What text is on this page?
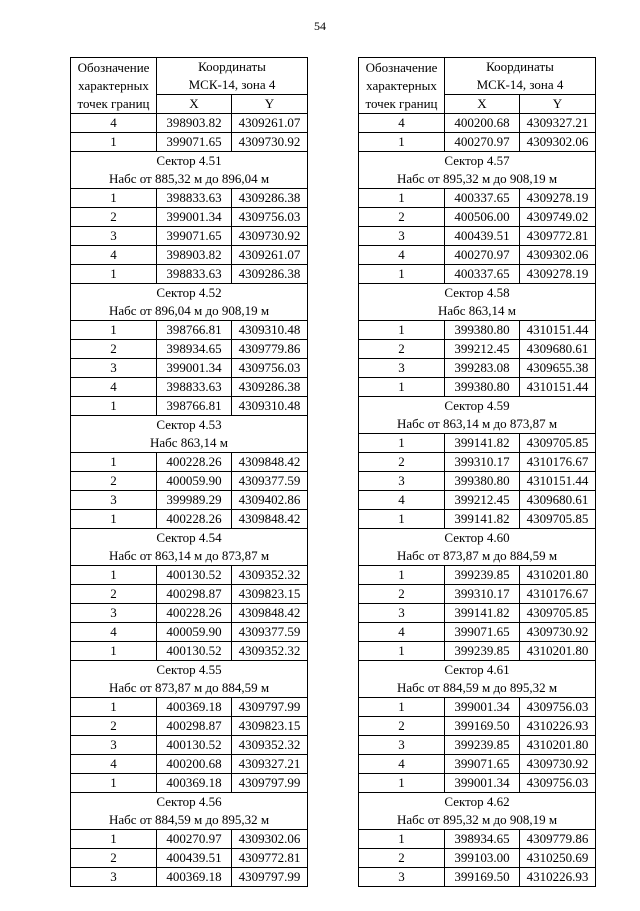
54
Обозначение
характерных
точек границ	Координаты	
	МСК-14, зона 4	
	X	Y
4	398903.82	4309261.07
1	399071.65	4309730.92
Сектор 4.51		
Набс от 885,32 м до 896,04 м		
1	398833.63	4309286.38
2	399001.34	4309756.03
3	399071.65	4309730.92
4	398903.82	4309261.07
1	398833.63	4309286.38
Сектор 4.52		
Набс от 896,04 м до 908,19 м		
1	398766.81	4309310.48
2	398934.65	4309779.86
3	399001.34	4309756.03
4	398833.63	4309286.38
1	398766.81	4309310.48
Сектор 4.53		
Набс 863,14 м		
1	400228.26	4309848.42
2	400059.90	4309377.59
3	399989.29	4309402.86
1	400228.26	4309848.42
Сектор 4.54		
Набс от 863,14 м до 873,87 м		
1	400130.52	4309352.32
2	400298.87	4309823.15
3	400228.26	4309848.42
4	400059.90	4309377.59
1	400130.52	4309352.32
Сектор 4.55		
Набс от 873,87 м до 884,59 м		
1	400369.18	4309797.99
2	400298.87	4309823.15
3	400130.52	4309352.32
4	400200.68	4309327.21
1	400369.18	4309797.99
Сектор 4.56		
Набс от 884,59 м до 895,32 м		
1	400270.97	4309302.06
2	400439.51	4309772.81
3	400369.18	4309797.99
Обозначение
характерных
точек границ	Координаты	
	МСК-14, зона 4	
	X	Y
4	400200.68	4309327.21
1	400270.97	4309302.06
Сектор 4.57		
Набс от 895,32 м до 908,19 м		
1	400337.65	4309278.19
2	400506.00	4309749.02
3	400439.51	4309772.81
4	400270.97	4309302.06
1	400337.65	4309278.19
Сектор 4.58		
Набс 863,14 м		
1	399380.80	4310151.44
2	399212.45	4309680.61
3	399283.08	4309655.38
1	399380.80	4310151.44
Сектор 4.59		
Набс от 863,14 м до 873,87 м		
1	399141.82	4309705.85
2	399310.17	4310176.67
3	399380.80	4310151.44
4	399212.45	4309680.61
1	399141.82	4309705.85
Сектор 4.60		
Набс от 873,87 м до 884,59 м		
1	399239.85	4310201.80
2	399310.17	4310176.67
3	399141.82	4309705.85
4	399071.65	4309730.92
1	399239.85	4310201.80
Сектор 4.61		
Набс от 884,59 м до 895,32 м		
1	399001.34	4309756.03
2	399169.50	4310226.93
3	399239.85	4310201.80
4	399071.65	4309730.92
1	399001.34	4309756.03
Сектор 4.62		
Набс от 895,32 м до 908,19 м		
1	398934.65	4309779.86
2	399103.00	4310250.69
3	399169.50	4310226.93
